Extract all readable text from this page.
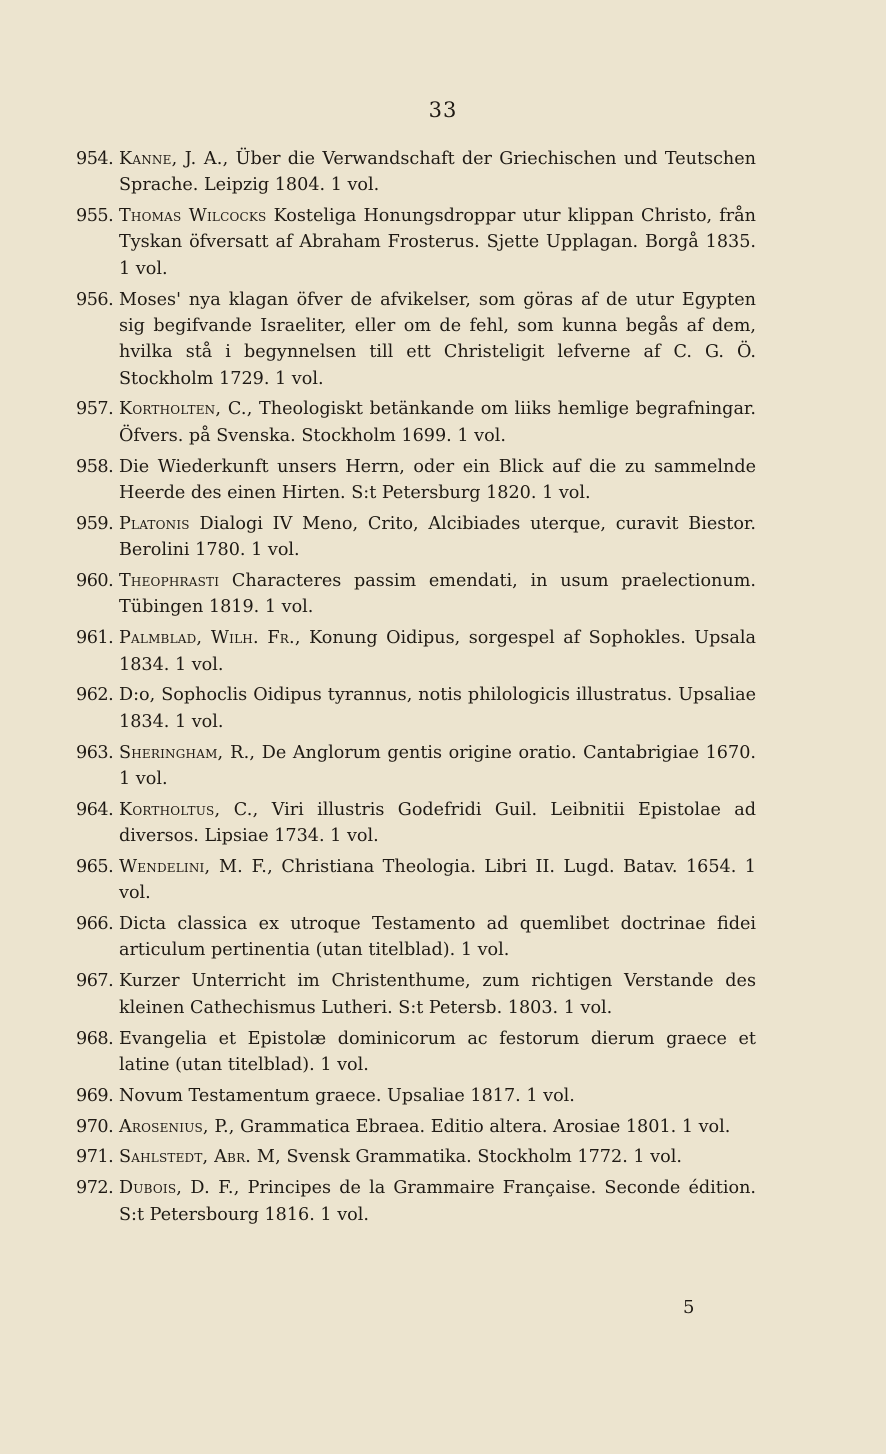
33
954. Kanne, J. A., Über die Verwandschaft der Griechischen und Teutschen Sprache. Leipzig 1804. 1 vol.
955. Thomas Wilcocks Kosteliga Honungsdroppar utur klippan Christo, från Tyskan öfversatt af Abraham Frosterus. Sjette Upplagan. Borgå 1835. 1 vol.
956. Moses' nya klagan öfver de afvikelser, som göras af de utur Egypten sig begifvande Israeliter, eller om de fehl, som kunna begås af dem, hvilka stå i begynnelsen till ett Christeligit lefverne af C. G. Ö. Stockholm 1729. 1 vol.
957. Kortholten, C., Theologiskt betänkande om liiks hemlige begrafningar. Öfvers. på Svenska. Stockholm 1699. 1 vol.
958. Die Wiederkunft unsers Herrn, oder ein Blick auf die zu sammelnde Heerde des einen Hirten. S:t Petersburg 1820. 1 vol.
959. Platonis Dialogi IV Meno, Crito, Alcibiades uterque, curavit Biestor. Berolini 1780. 1 vol.
960. Theophrasti Characteres passim emendati, in usum praelectionum. Tübingen 1819. 1 vol.
961. Palmblad, Wilh. Fr., Konung Oidipus, sorgespel af Sophokles. Upsala 1834. 1 vol.
962. D:o, Sophoclis Oidipus tyrannus, notis philologicis illustratus. Upsaliae 1834. 1 vol.
963. Sheringham, R., De Anglorum gentis origine oratio. Cantabrigiae 1670. 1 vol.
964. Kortholtus, C., Viri illustris Godefridi Guil. Leibnitii Epistolae ad diversos. Lipsiae 1734. 1 vol.
965. Wendelini, M. F., Christiana Theologia. Libri II. Lugd. Batav. 1654. 1 vol.
966. Dicta classica ex utroque Testamento ad quemlibet doctrinae fidei articulum pertinentia (utan titelblad). 1 vol.
967. Kurzer Unterricht im Christenthume, zum richtigen Verstande des kleinen Cathechismus Lutheri. S:t Petersb. 1803. 1 vol.
968. Evangelia et Epistolæ dominicorum ac festorum dierum graece et latine (utan titelblad). 1 vol.
969. Novum Testamentum graece. Upsaliae 1817. 1 vol.
970. Arosenius, P., Grammatica Ebraea. Editio altera. Arosiae 1801. 1 vol.
971. Sahlstedt, Abr. M, Svensk Grammatika. Stockholm 1772. 1 vol.
972. Dubois, D. F., Principes de la Grammaire Française. Seconde édition. S:t Petersbourg 1816. 1 vol.
5
